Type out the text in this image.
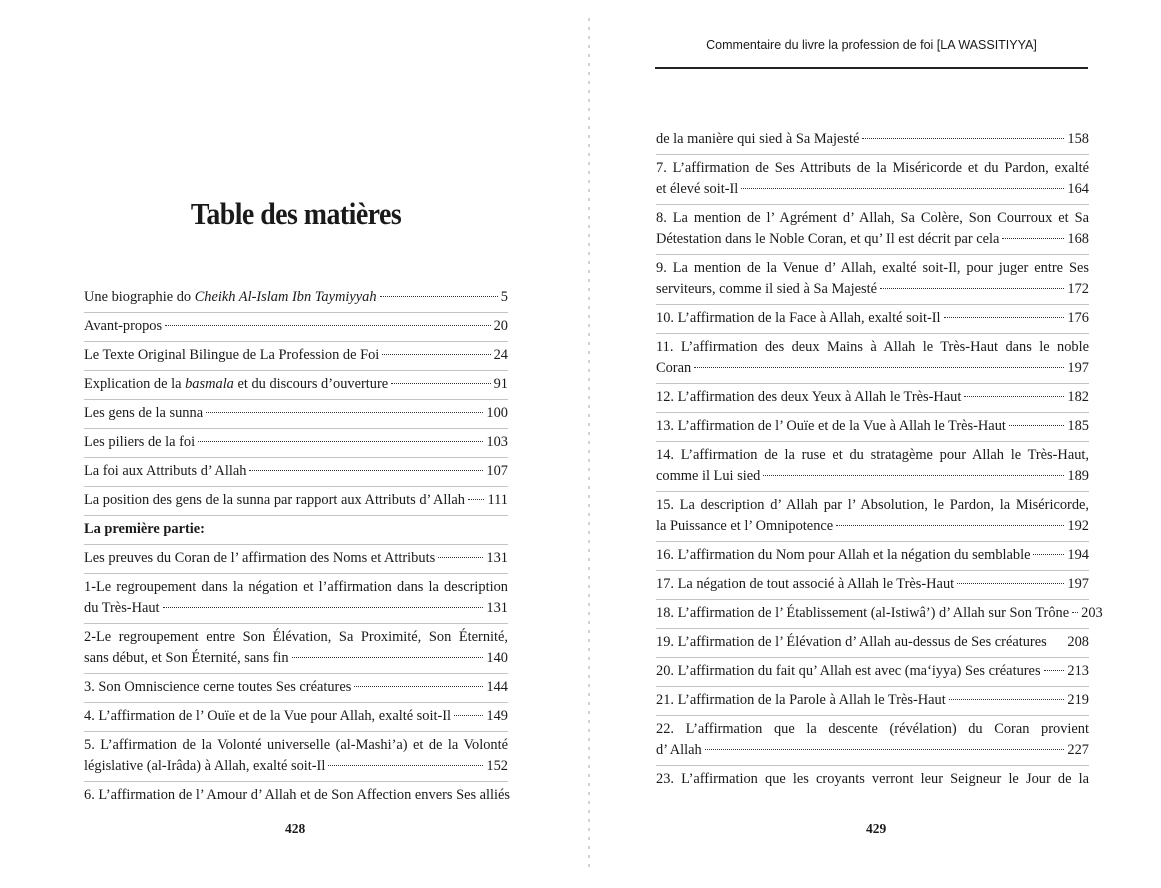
Table des matières
Une biographie do Cheikh Al-Islam Ibn Taymiyyah	5
Avant-propos	20
Le Texte Original Bilingue de La Profession de Foi	24
Explication de la basmala et du discours d’ouverture	91
Les gens de la sunna	100
Les piliers de la foi	103
La foi aux Attributs d’ Allah	107
La position des gens de la sunna par rapport aux Attributs d’ Allah 111
La première partie:
Les preuves du Coran de l’ affirmation des Noms et Attributs	131
1-Le regroupement dans la négation et l’affirmation dans la description
du Très-Haut	131
2-Le regroupement entre Son Élévation, Sa Proximité, Son Éternité,
sans début, et Son Éternité, sans fin	140
3. Son Omniscience cerne toutes Ses créatures	144
4. L’affirmation de l’ Ouïe et de la Vue pour Allah, exalté soit-Il 149
5. L’affirmation de la Volonté universelle (al-Mashi’a) et de la Volonté
législative (al-Irâda) à Allah, exalté soit-Il	152
6. L’affirmation de l’ Amour d’ Allah et de Son Affection envers Ses alliés
428
Commentaire du livre la profession de foi [LA WASSITIYYA]
de la manière qui sied à Sa Majesté	158
7. L’affirmation de Ses Attributs de la Miséricorde et du Pardon, exalté
et élevé soit-Il	164
8. La mention de l’ Agrément d’ Allah, Sa Colère, Son Courroux et Sa
Détestation dans le Noble Coran, et qu’ Il est décrit par cela	168
9. La mention de la Venue d’ Allah, exalté soit-Il, pour juger entre Ses
serviteurs, comme il sied à Sa Majesté	172
10. L’affirmation de la Face à Allah, exalté soit-Il	176
11. L’affirmation des deux Mains à Allah le Très-Haut dans le noble
Coran	197
12. L’affirmation des deux Yeux à Allah le Très-Haut	182
13. L’affirmation de l’ Ouïe et de la Vue à Allah le Très-Haut	185
14. L’affirmation de la ruse et du stratagème pour Allah le Très-Haut,
comme il Lui sied	189
15. La description d’ Allah par l’ Absolution, le Pardon, la Miséricorde,
la Puissance et l’ Omnipotence	192
16. L’affirmation du Nom pour Allah et la négation du semblable	194
17. La négation de tout associé à Allah le Très-Haut	197
18. L’affirmation de l’ Établissement (al-Istiwâ’) d’ Allah sur Son Trône 203
19. L’affirmation de l’ Élévation d’ Allah au-dessus de Ses créatures 208
20. L’affirmation du fait qu’ Allah est avec (ma‘iyya) Ses créatures 213
21. L’affirmation de la Parole à Allah le Très-Haut	219
22. L’affirmation que la descente (révélation) du Coran provient
d’ Allah	227
23. L’affirmation que les croyants verront leur Seigneur le Jour de la
429
